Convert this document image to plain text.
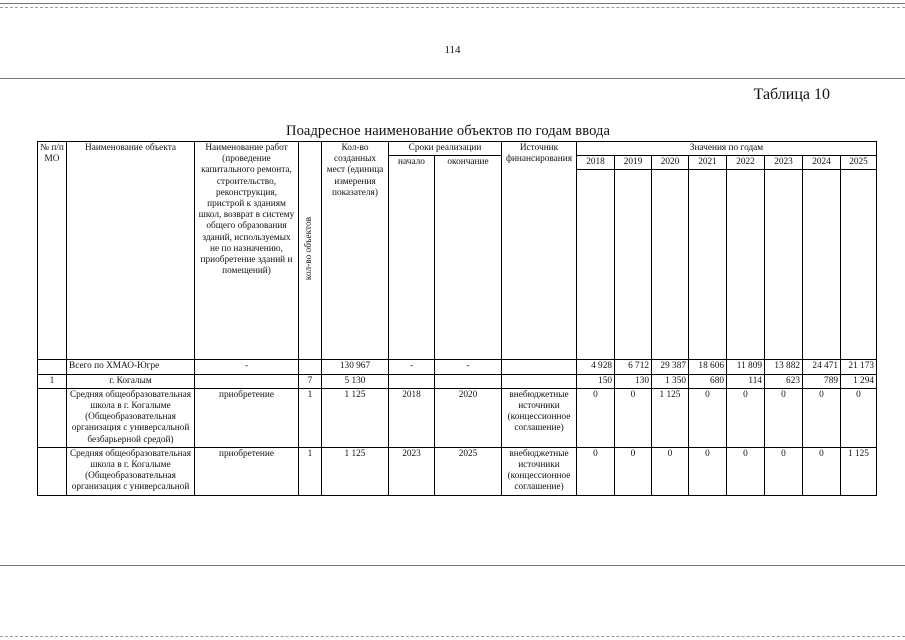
114
Таблица 10
Поадресное наименование объектов по годам ввода
№ п/п МО	Наименование объекта	Наименование работ (проведение капитального ремонта, строительство, реконструкция, пристрой к зданиям школ, возврат в систему общего образования зданий, используемых не по назначению, приобретение зданий и помещений)	кол-во объектов	Кол-во созданных мест (единица измерения показателя)	Сроки реализации		Источник финансирования	Значения по годам							
					начало	окончание		2018	2019	2020	2021	2022	2023	2024	2025

	Всего по ХМАО-Югре	-		130 967	-	-		4 928	6 712	29 387	18 606	11 809	13 882	24 471	21 173
1	г. Когалым		7	5 130				150	130	1 350	680	114	623	789	1 294
	Средняя общеобразовательная школа в г. Когалыме (Общеобразовательная организация с универсальной безбарьерной средой)	приобретение	1	1 125	2018	2020	внебюджетные источники (концессионное соглашение)	0	0	1 125	0	0	0	0	0
	Средняя общеобразовательная школа в г. Когалыме (Общеобразовательная организация с универсальной	приобретение	1	1 125	2023	2025	внебюджетные источники (концессионное соглашение)	0	0	0	0	0	0	0	1 125
